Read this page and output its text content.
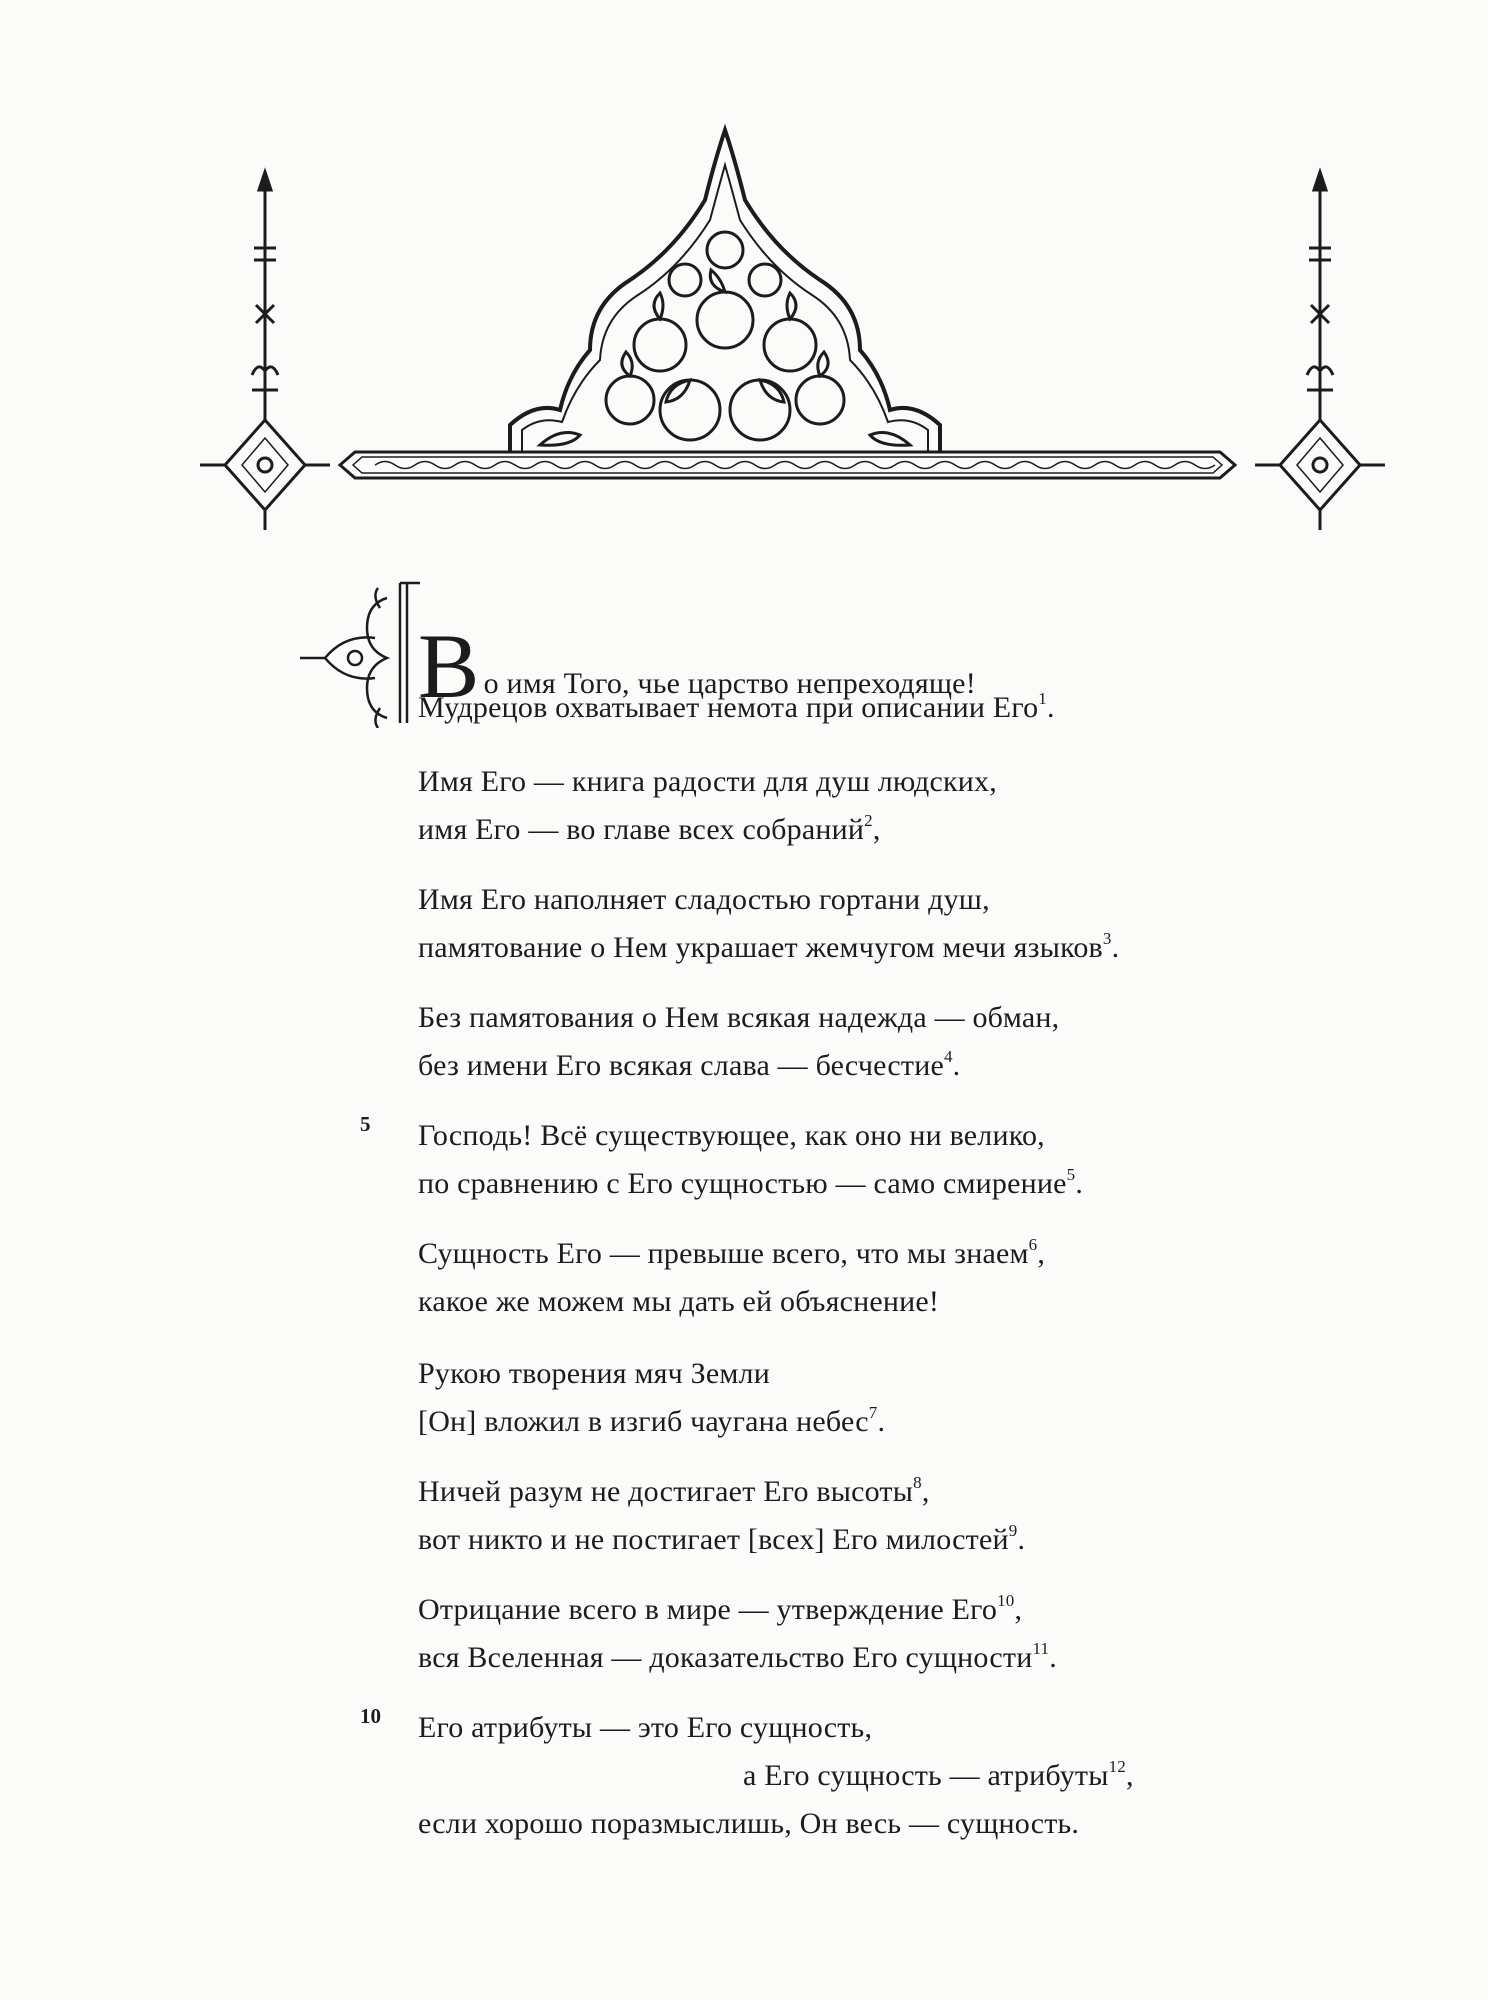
Во имя Того, чье царство непреходяще!
Мудрецов охватывает немота при описании Его$^1$.
Имя Его — книга радости для душ людских,
имя Его — во главе всех собраний$^2$,
Имя Его наполняет сладостью гортани душ,
памятование о Нем украшает жемчугом мечи языков$^3$.
Без памятования о Нем всякая надежда — обман,
без имени Его всякая слава — бесчестие$^4$.
5 Господь! Всё существующее, как оно ни велико,
по сравнению с Его сущностью — само смирение$^5$.
Сущность Его — превыше всего, что мы знаем$^6$,
какое же можем мы дать ей объяснение!
Рукою творения мяч Земли
[Он] вложил в изгиб чаугана небес$^7$.
Ничей разум не достигает Его высоты$^8$,
вот никто и не постигает [всех] Его милостей$^9$.
Отрицание всего в мире — утверждение Его$^{10}$,
вся Вселенная — доказательство Его сущности$^{11}$.
10 Его атрибуты — это Его сущность,
а Его сущность — атрибуты$^{12}$,
если хорошо поразмыслишь, Он весь — сущность.
